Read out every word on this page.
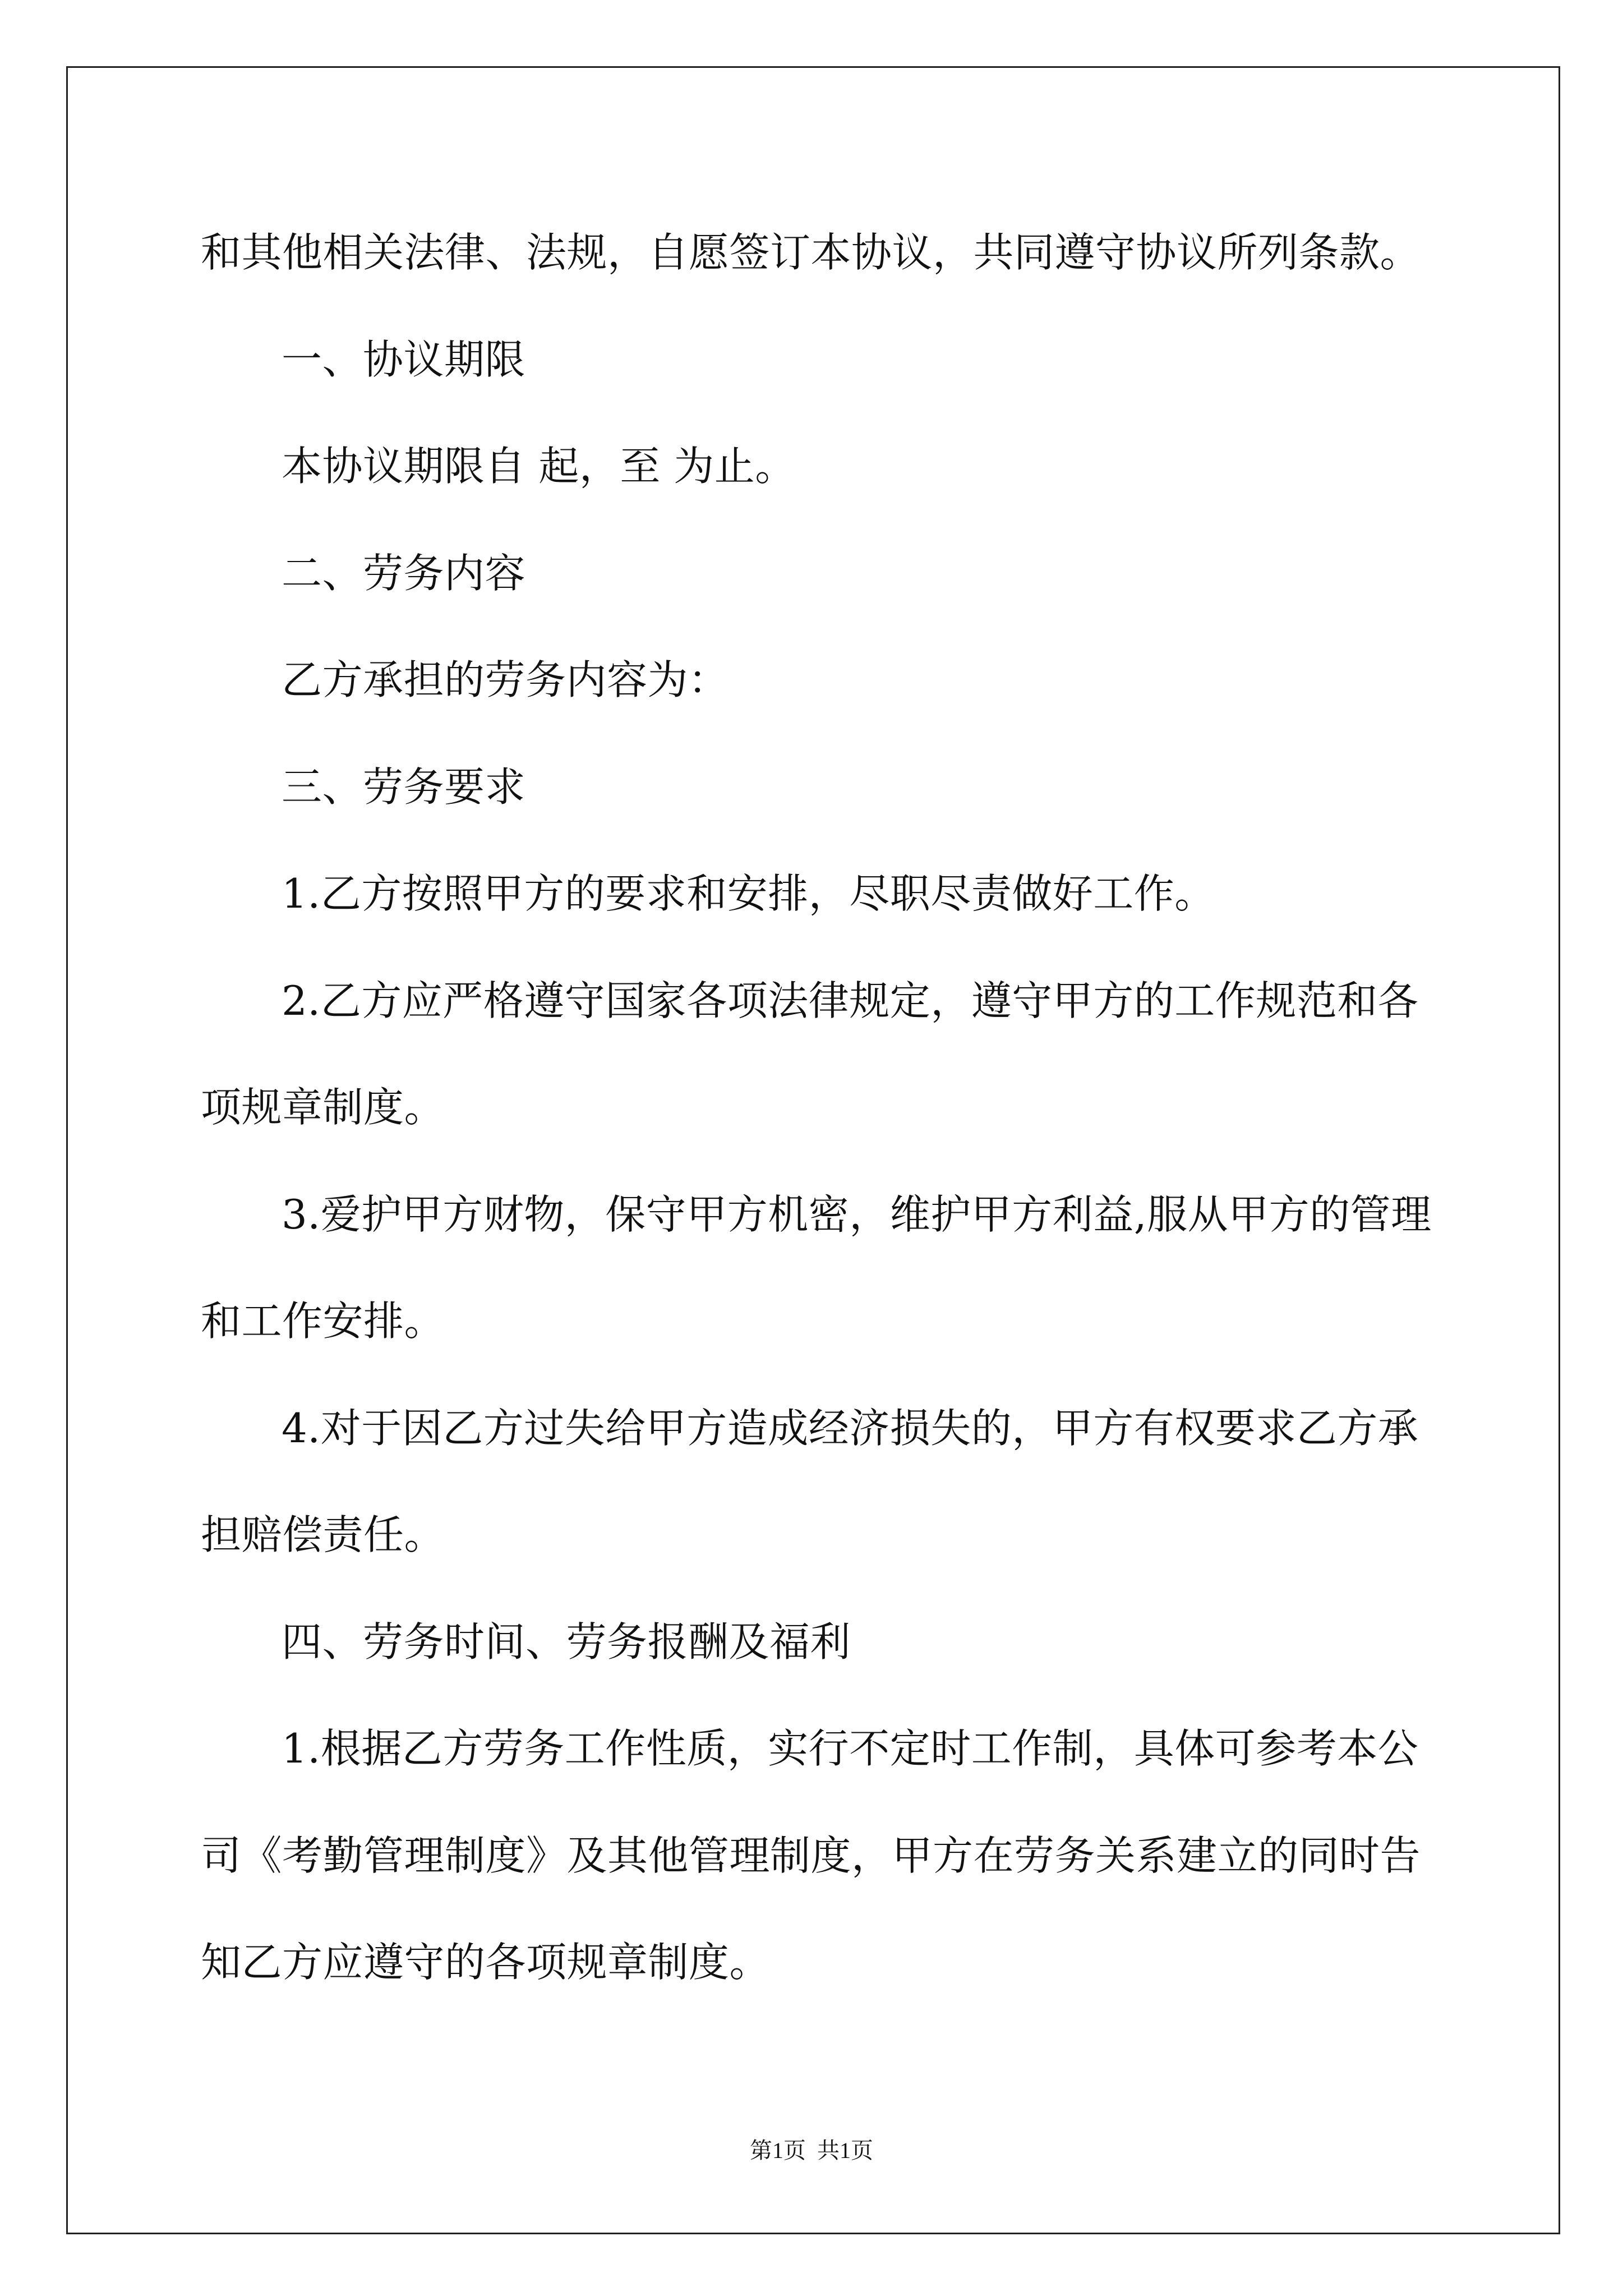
和其他相关法律、法规，自愿签订本协议，共同遵守协议所列条款。
一、协议期限
本协议期限自 起，至 为止。
二、劳务内容
乙方承担的劳务内容为：
三、劳务要求
1.乙方按照甲方的要求和安排，尽职尽责做好工作。
2.乙方应严格遵守国家各项法律规定，遵守甲方的工作规范和各
项规章制度。
3.爱护甲方财物，保守甲方机密，维护甲方利益,服从甲方的管理
和工作安排。
4.对于因乙方过失给甲方造成经济损失的，甲方有权要求乙方承
担赔偿责任。
四、劳务时间、劳务报酬及福利
1.根据乙方劳务工作性质，实行不定时工作制，具体可参考本公
司《考勤管理制度》及其他管理制度，甲方在劳务关系建立的同时告
知乙方应遵守的各项规章制度。
第1页  共1页
